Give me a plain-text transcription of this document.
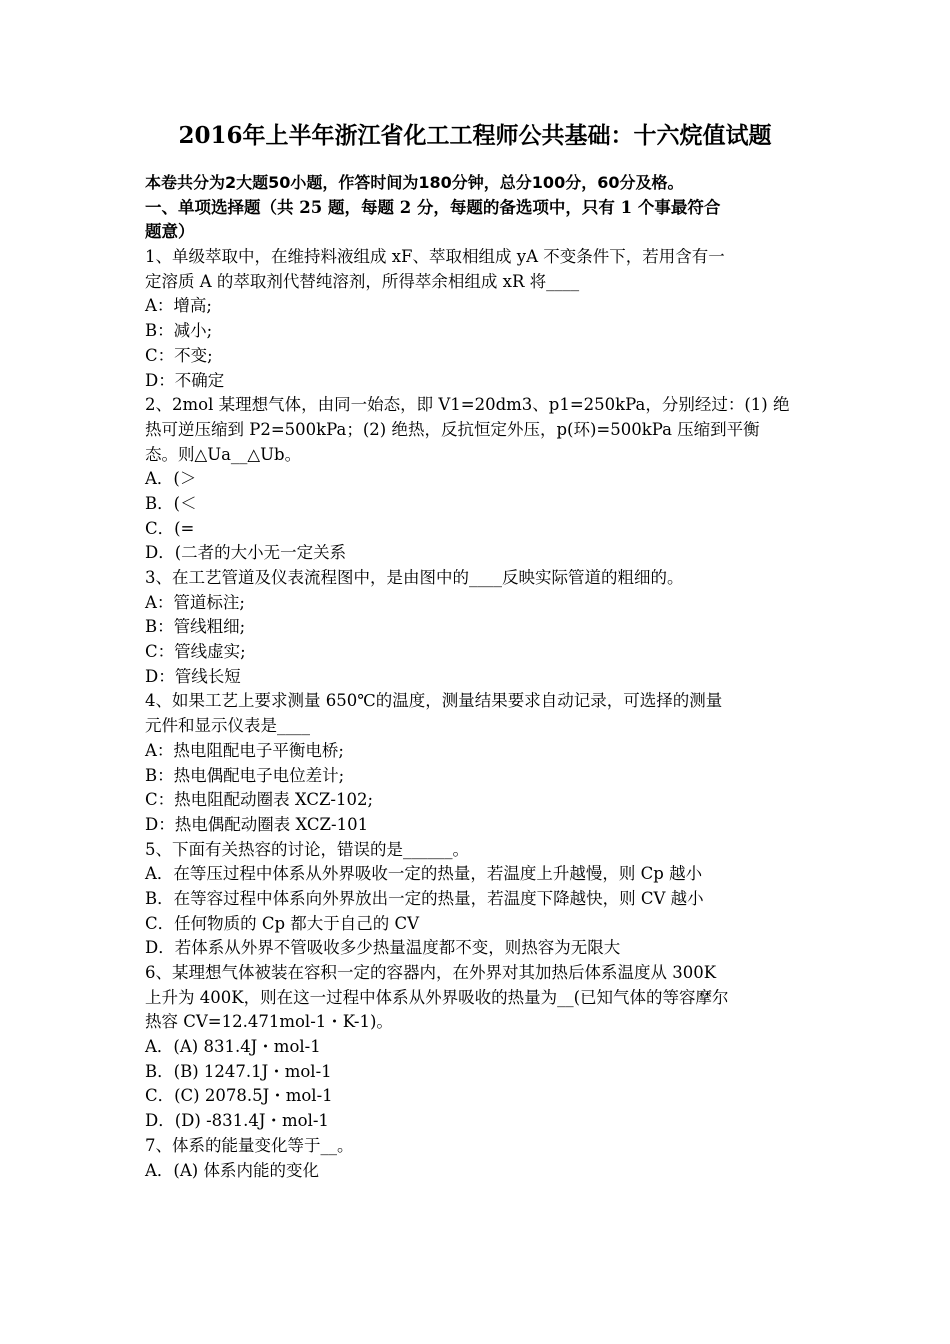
2016年上半年浙江省化工工程师公共基础：十六烷值试题
本卷共分为2大题50小题，作答时间为180分钟，总分100分，60分及格。
一、单项选择题（共 25 题，每题 2 分，每题的备选项中，只有 1 个事最符合
题意）
1、单级萃取中，在维持料液组成 xF、萃取相组成 yA 不变条件下，若用含有一
定溶质 A 的萃取剂代替纯溶剂，所得萃余相组成 xR 将____
A：增高;
B：减小;
C：不变;
D：不确定
2、2mol 某理想气体，由同一始态，即 V1=20dm3、p1=250kPa，分别经过：(1) 绝
热可逆压缩到 P2=500kPa；(2) 绝热，反抗恒定外压，p(环)=500kPa 压缩到平衡
态。则△Ua__△Ub。
A．(＞
B．(＜
C．(=
D．(二者的大小无一定关系
3、在工艺管道及仪表流程图中，是由图中的____反映实际管道的粗细的。
A：管道标注;
B：管线粗细;
C：管线虚实;
D：管线长短
4、如果工艺上要求测量 650℃的温度，测量结果要求自动记录，可选择的测量
元件和显示仪表是____
A：热电阻配电子平衡电桥;
B：热电偶配电子电位差计;
C：热电阻配动圈表 XCZ-102;
D：热电偶配动圈表 XCZ-101
5、下面有关热容的讨论，错误的是______。
A．在等压过程中体系从外界吸收一定的热量，若温度上升越慢，则 Cp 越小
B．在等容过程中体系向外界放出一定的热量，若温度下降越快，则 CV 越小
C．任何物质的 Cp 都大于自己的 CV
D．若体系从外界不管吸收多少热量温度都不变，则热容为无限大
6、某理想气体被装在容积一定的容器内，在外界对其加热后体系温度从 300K
上升为 400K，则在这一过程中体系从外界吸收的热量为__(已知气体的等容摩尔
热容 CV=12.471mol-1・K-1)。
A．(A) 831.4J・mol-1
B．(B) 1247.1J・mol-1
C．(C) 2078.5J・mol-1
D．(D) -831.4J・mol-1
7、体系的能量变化等于__。
A．(A) 体系内能的变化
